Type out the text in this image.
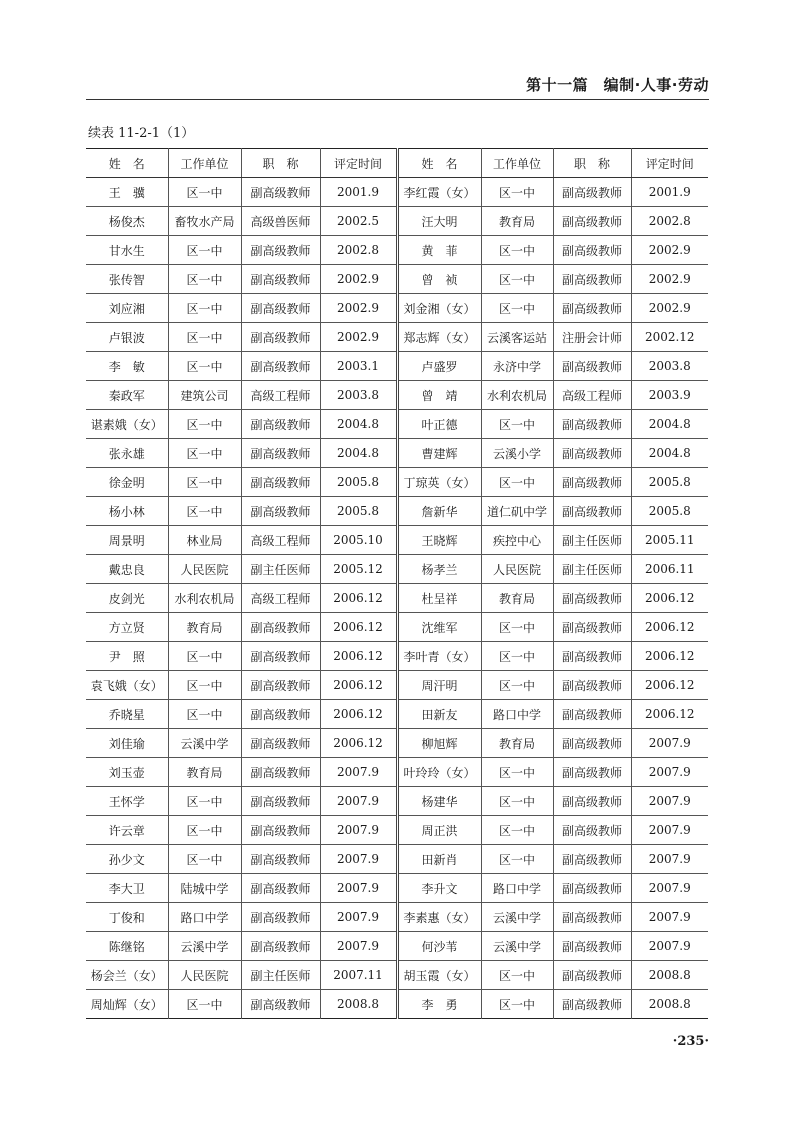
第十一篇　编制·人事·劳动
续表 11-2-1（1）
姓　名	工作单位	职　称	评定时间	姓　名	工作单位	职　称	评定时间
王　骥	区一中	副高级教师	2001.9	李红霞（女）	区一中	副高级教师	2001.9
杨俊杰	畜牧水产局	高级兽医师	2002.5	汪大明	教育局	副高级教师	2002.8
甘水生	区一中	副高级教师	2002.8	黄　菲	区一中	副高级教师	2002.9
张传智	区一中	副高级教师	2002.9	曾　祯	区一中	副高级教师	2002.9
刘应湘	区一中	副高级教师	2002.9	刘金湘（女）	区一中	副高级教师	2002.9
卢银波	区一中	副高级教师	2002.9	郑志辉（女）	云溪客运站	注册会计师	2002.12
李　敏	区一中	副高级教师	2003.1	卢盛罗	永济中学	副高级教师	2003.8
秦政军	建筑公司	高级工程师	2003.8	曾　靖	水利农机局	高级工程师	2003.9
谌素娥（女）	区一中	副高级教师	2004.8	叶正德	区一中	副高级教师	2004.8
张永雄	区一中	副高级教师	2004.8	曹建辉	云溪小学	副高级教师	2004.8
徐金明	区一中	副高级教师	2005.8	丁琼英（女）	区一中	副高级教师	2005.8
杨小林	区一中	副高级教师	2005.8	詹新华	道仁矶中学	副高级教师	2005.8
周景明	林业局	高级工程师	2005.10	王晓辉	疾控中心	副主任医师	2005.11
戴忠良	人民医院	副主任医师	2005.12	杨孝兰	人民医院	副主任医师	2006.11
皮剑光	水利农机局	高级工程师	2006.12	杜呈祥	教育局	副高级教师	2006.12
方立贤	教育局	副高级教师	2006.12	沈维军	区一中	副高级教师	2006.12
尹　照	区一中	副高级教师	2006.12	李叶青（女）	区一中	副高级教师	2006.12
袁飞娥（女）	区一中	副高级教师	2006.12	周汗明	区一中	副高级教师	2006.12
乔晓星	区一中	副高级教师	2006.12	田新友	路口中学	副高级教师	2006.12
刘佳瑜	云溪中学	副高级教师	2006.12	柳旭辉	教育局	副高级教师	2007.9
刘玉壶	教育局	副高级教师	2007.9	叶玲玲（女）	区一中	副高级教师	2007.9
王怀学	区一中	副高级教师	2007.9	杨建华	区一中	副高级教师	2007.9
许云章	区一中	副高级教师	2007.9	周正洪	区一中	副高级教师	2007.9
孙少文	区一中	副高级教师	2007.9	田新肖	区一中	副高级教师	2007.9
李大卫	陆城中学	副高级教师	2007.9	李升文	路口中学	副高级教师	2007.9
丁俊和	路口中学	副高级教师	2007.9	李素惠（女）	云溪中学	副高级教师	2007.9
陈继铭	云溪中学	副高级教师	2007.9	何沙苇	云溪中学	副高级教师	2007.9
杨会兰（女）	人民医院	副主任医师	2007.11	胡玉霞（女）	区一中	副高级教师	2008.8
周灿辉（女）	区一中	副高级教师	2008.8	李　勇	区一中	副高级教师	2008.8
·235·
